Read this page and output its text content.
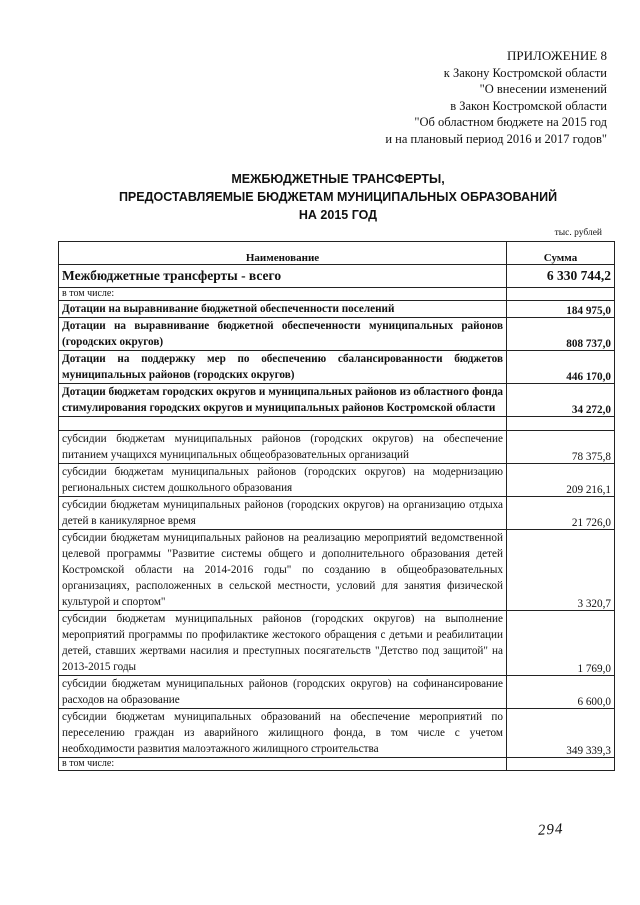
ПРИЛОЖЕНИЕ 8
к Закону Костромской области
"О внесении изменений
в Закон Костромской области
"Об областном бюджете на 2015 год
и на плановый период 2016 и 2017 годов"
МЕЖБЮДЖЕТНЫЕ ТРАНСФЕРТЫ,
ПРЕДОСТАВЛЯЕМЫЕ БЮДЖЕТАМ МУНИЦИПАЛЬНЫХ ОБРАЗОВАНИЙ
НА 2015 ГОД
тыс. рублей
Наименование	Сумма
Межбюджетные трансферты - всего	6 330 744,2
в том числе:	
Дотации на выравнивание бюджетной обеспеченности поселений	184 975,0
Дотации на выравнивание бюджетной обеспеченности муниципальных районов (городских округов)	808 737,0
Дотации на поддержку мер по обеспечению сбалансированности бюджетов муниципальных районов (городских округов)	446 170,0
Дотации бюджетам городских округов и муниципальных районов из областного фонда стимулирования городских округов и муниципальных районов Костромской области	34 272,0

субсидии бюджетам муниципальных районов (городских округов) на обеспечение питанием учащихся муниципальных общеобразовательных организаций	78 375,8
субсидии бюджетам муниципальных районов (городских округов) на модернизацию региональных систем дошкольного образования	209 216,1
субсидии бюджетам муниципальных районов (городских округов) на организацию отдыха детей в каникулярное время	21 726,0
субсидии бюджетам муниципальных районов на реализацию мероприятий ведомственной целевой программы "Развитие системы общего и дополнительного образования детей Костромской области на 2014-2016 годы" по созданию в общеобразовательных организациях, расположенных в сельской местности, условий для занятия физической культурой и спортом"	3 320,7
субсидии бюджетам муниципальных районов (городских округов) на выполнение мероприятий программы по профилактике жестокого обращения с детьми и реабилитации детей, ставших жертвами насилия и преступных посягательств "Детство под защитой" на 2013-2015 годы	1 769,0
субсидии бюджетам муниципальных районов (городских округов) на софинансирование расходов на образование	6 600,0
субсидии бюджетам муниципальных образований на обеспечение мероприятий по переселению граждан из аварийного жилищного фонда, в том числе с учетом необходимости развития малоэтажного жилищного строительства	349 339,3
в том числе:	
294
